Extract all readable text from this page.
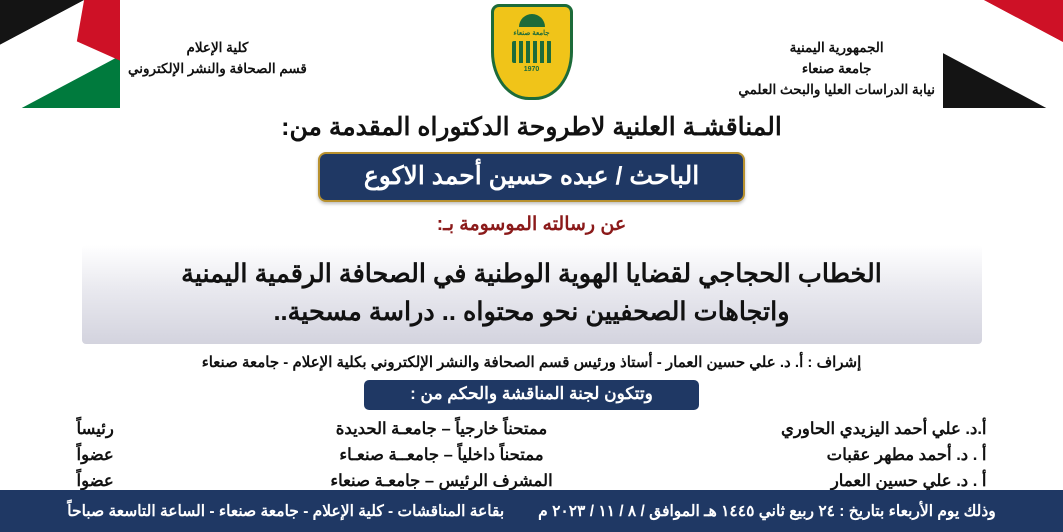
جامعة صنعاء
1970
الجمهورية اليمنية
جامعة صنعاء
نيابة الدراسات العليا والبحث العلمي
كلية الإعلام
قسم الصحافة والنشر الإلكتروني
المناقشـة العلنية لاطروحة الدكتوراه المقدمة من:
الباحث / عبده حسين أحمد الاكوع
عن رسالته الموسومة بـ:
الخطاب الحجاجي لقضايا الهوية الوطنية في الصحافة الرقمية اليمنية
واتجاهات الصحفيين نحو محتواه .. دراسة مسحية..
إشراف : أ. د. علي حسين العمار - أستاذ ورئيس قسم الصحافة والنشر الإلكتروني بكلية الإعلام - جامعة صنعاء
وتتكون لجنة المناقشة والحكم من :
أ.د. علي أحمد اليزيدي الحاوري
ممتحناً خارجياً – جامعـة الحديدة
رئيساً
أ . د. أحمد مطهر عقبات
ممتحناً داخلياً – جامعــة صنعـاء
عضواً
أ . د. علي حسين العمار
المشرف الرئيس – جامعـة صنعاء
عضواً
وذلك يوم الأربعاء بتاريخ : ٢٤ ربيع ثاني ١٤٤٥ هـ الموافق / ٨ / ١١ / ٢٠٢٣ م
بقاعة المناقشات - كلية الإعلام - جامعة صنعاء - الساعة التاسعة صباحاً
